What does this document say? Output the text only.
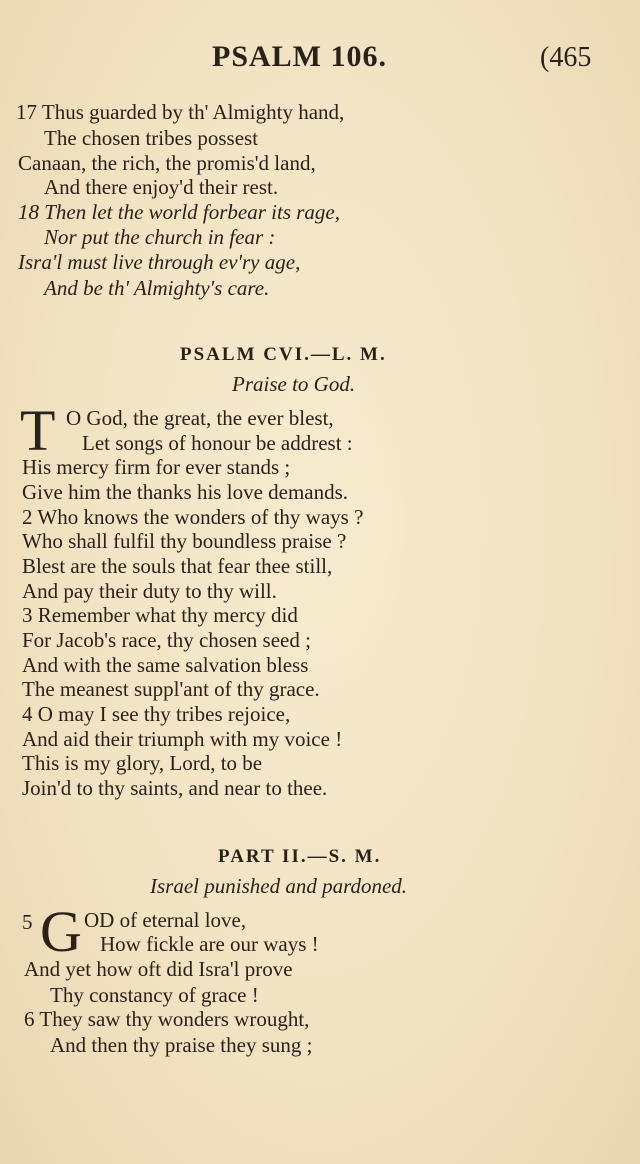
PSALM 106.	(465
17 Thus guarded by th' Almighty hand,
The chosen tribes possest
Canaan, the rich, the promis'd land,
And there enjoy'd their rest.
18 Then let the world forbear its rage,
Nor put the church in fear :
Isra'l must live through ev'ry age,
And be th' Almighty's care.
PSALM CVI.—L. M.
Praise to God.
T O God, the great, the ever blest,
Let songs of honour be addrest :
His mercy firm for ever stands ;
Give him the thanks his love demands.
2 Who knows the wonders of thy ways ?
Who shall fulfil thy boundless praise ?
Blest are the souls that fear thee still,
And pay their duty to thy will.
3 Remember what thy mercy did
For Jacob's race, thy chosen seed ;
And with the same salvation bless
The meanest suppl'ant of thy grace.
4 O may I see thy tribes rejoice,
And aid their triumph with my voice !
This is my glory, Lord, to be
Join'd to thy saints, and near to thee.
PART II.—S. M.
Israel punished and pardoned.
5 G OD of eternal love,
How fickle are our ways !
And yet how oft did Isra'l prove
Thy constancy of grace !
6 They saw thy wonders wrought,
And then thy praise they sung ;
